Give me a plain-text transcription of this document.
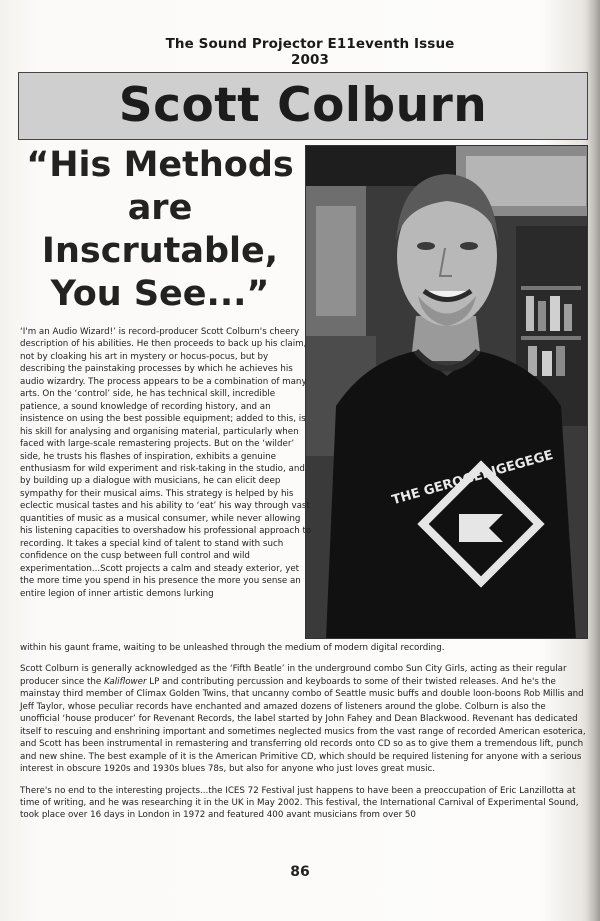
The Sound Projector E11eventh Issue 2003
Scott Colburn
“His Methods
are
Inscrutable,
You See...”
THE GEROGERIGEGEGE

‘I'm an Audio Wizard!’ is record-producer Scott Colburn's cheery description of his abilities. He then proceeds to back up his claim, not by cloaking his art in mystery or hocus-pocus, but by describing the painstaking processes by which he achieves his audio wizardry. The process appears to be a combination of many arts. On the ‘control’ side, he has technical skill, incredible patience, a sound knowledge of recording history, and an insistence on using the best possible equipment; added to this, is his skill for analysing and organising material, particularly when faced with large-scale remastering projects. But on the ‘wilder’ side, he trusts his flashes of inspiration, exhibits a genuine enthusiasm for wild experiment and risk-taking in the studio, and by building up a dialogue with musicians, he can elicit deep sympathy for their musical aims. This strategy is helped by his eclectic musical tastes and his ability to ‘eat’ his way through vast quantities of music as a musical consumer, while never allowing his listening capacities to overshadow his professional approach to recording. It takes a special kind of talent to stand with such confidence on the cusp between full control and wild experimentation...Scott projects a calm and steady exterior, yet the more time you spend in his presence the more you sense an entire legion of inner artistic demons lurking

within his gaunt frame, waiting to be unleashed through the medium of modern digital recording.

Scott Colburn is generally acknowledged as the ‘Fifth Beatle’ in the underground combo Sun City Girls, acting as their regular producer since the Kaliflower LP and contributing percussion and keyboards to some of their twisted releases. And he's the mainstay third member of Climax Golden Twins, that uncanny combo of Seattle music buffs and double loon-boons Rob Millis and Jeff Taylor, whose peculiar records have enchanted and amazed dozens of listeners around the globe. Colburn is also the unofficial ‘house producer’ for Revenant Records, the label started by John Fahey and Dean Blackwood. Revenant has dedicated itself to rescuing and enshrining important and sometimes neglected musics from the vast range of recorded American esoterica, and Scott has been instrumental in remastering and transferring old records onto CD so as to give them a tremendous lift, punch and new shine. The best example of it is the American Primitive CD, which should be required listening for anyone with a serious interest in obscure 1920s and 1930s blues 78s, but also for anyone who just loves great music.

There's no end to the interesting projects...the ICES 72 Festival just happens to have been a preoccupation of Eric Lanzillotta at time of writing, and he was researching it in the UK in May 2002. This festival, the International Carnival of Experimental Sound, took place over 16 days in London in 1972 and featured 400 avant musicians from over 50

86
